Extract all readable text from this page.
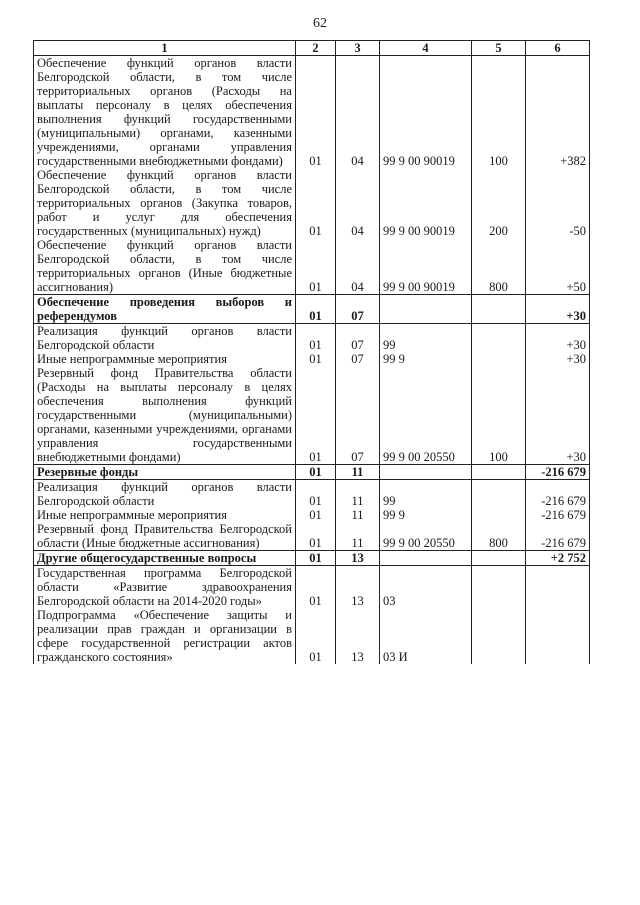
62
1	2	3	4	5	6
Обеспечение функций органов власти Белгородской области, в том числе территориальных органов (Расходы на выплаты персоналу в целях обеспечения выполнения функций государственными (муниципальными) органами, казенными учреждениями, органами управления государственными внебюджетными фондами)	01	04	99 9 00 90019	100	+382
Обеспечение функций органов власти Белгородской области, в том числе территориальных органов (Закупка товаров, работ и услуг для обеспечения государственных (муниципальных) нужд)	01	04	99 9 00 90019	200	-50
Обеспечение функций органов власти Белгородской области, в том числе территориальных органов (Иные бюджетные ассигнования)	01	04	99 9 00 90019	800	+50
Обеспечение проведения выборов и референдумов	01	07			+30
Реализация функций органов власти Белгородской области	01	07	99		+30
Иные непрограммные мероприятия	01	07	99 9		+30
Резервный фонд Правительства области (Расходы на выплаты персоналу в целях обеспечения выполнения функций государственными (муниципальными) органами, казенными учреждениями, органами управления государственными внебюджетными фондами)	01	07	99 9 00 20550	100	+30
Резервные фонды	01	11			-216 679
Реализация функций органов власти Белгородской области	01	11	99		-216 679
Иные непрограммные мероприятия	01	11	99 9		-216 679
Резервный фонд Правительства Белгородской области (Иные бюджетные ассигнования)	01	11	99 9 00 20550	800	-216 679
Другие общегосударственные вопросы	01	13			+2 752
Государственная программа Белгородской области «Развитие здравоохранения Белгородской области на 2014-2020 годы»	01	13	03		
Подпрограмма «Обеспечение защиты и реализации прав граждан и организации в сфере государственной регистрации актов гражданского состояния»	01	13	03 И		
